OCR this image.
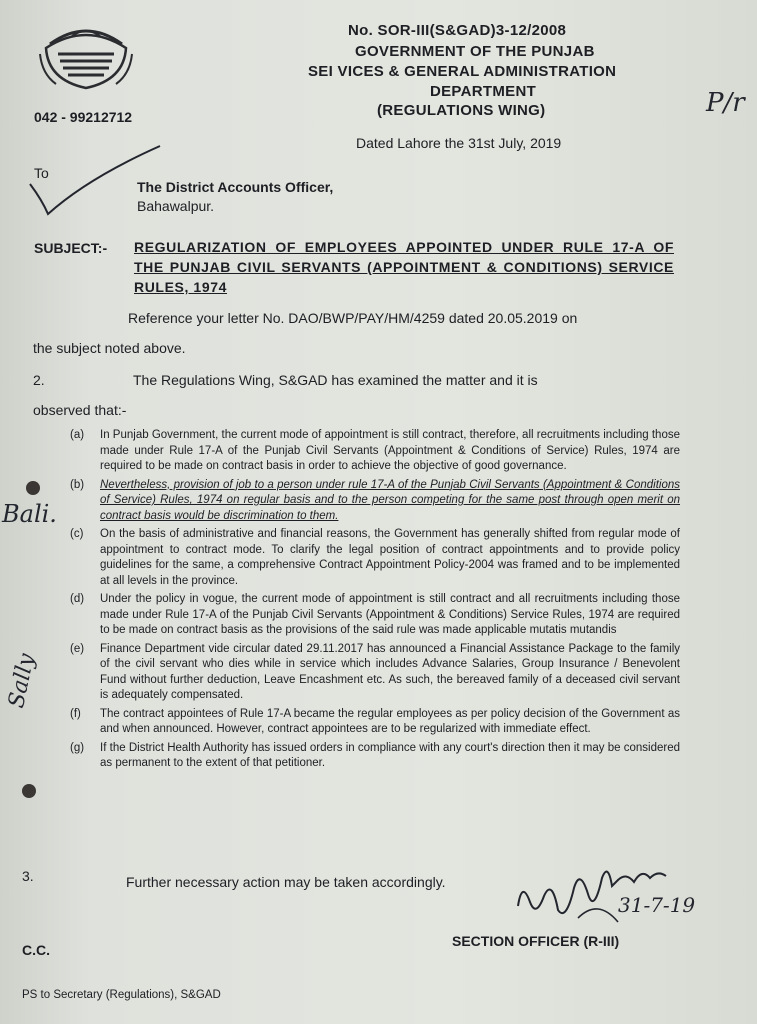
No. SOR-III(S&GAD)3-12/2008
GOVERNMENT OF THE PUNJAB
SEI VICES & GENERAL ADMINISTRATION
DEPARTMENT
(REGULATIONS WING)	P/r
042 - 99212712
Dated Lahore the 31st July, 2019
To
The District Accounts Officer,
Bahawalpur.
SUBJECT:- REGULARIZATION OF EMPLOYEES APPOINTED UNDER RULE 17-A OF THE PUNJAB CIVIL SERVANTS (APPOINTMENT & CONDITIONS) SERVICE RULES, 1974
Reference your letter No. DAO/BWP/PAY/HM/4259 dated 20.05.2019 on
the subject noted above.
2.	The Regulations Wing, S&GAD has examined the matter and it is
observed that:-
(a)	In Punjab Government, the current mode of appointment is still contract, therefore, all recruitments including those made under Rule 17-A of the Punjab Civil Servants (Appointment & Conditions of Service) Rules, 1974 are required to be made on contract basis in order to achieve the objective of good governance.
(b)	Nevertheless, provision of job to a person under rule 17-A of the Punjab Civil Servants (Appointment & Conditions of Service) Rules, 1974 on regular basis and to the person competing for the same post through open merit on contract basis would be discrimination to them.
(c)	On the basis of administrative and financial reasons, the Government has generally shifted from regular mode of appointment to contract mode. To clarify the legal position of contract appointments and to provide policy guidelines for the same, a comprehensive Contract Appointment Policy-2004 was framed and to be implemented at all levels in the province.
(d)	Under the policy in vogue, the current mode of appointment is still contract and all recruitments including those made under Rule 17-A of the Punjab Civil Servants (Appointment & Conditions) Service Rules, 1974 are required to be made on contract basis as the provisions of the said rule was made applicable mutatis mutandis
(e)	Finance Department vide circular dated 29.11.2017 has announced a Financial Assistance Package to the family of the civil servant who dies while in service which includes Advance Salaries, Group Insurance / Benevolent Fund without further deduction, Leave Encashment etc. As such, the bereaved family of a deceased civil servant is adequately compensated.
(f)	The contract appointees of Rule 17-A became the regular employees as per policy decision of the Government as and when announced. However, contract appointees are to be regularized with immediate effect.
(g)	If the District Health Authority has issued orders in compliance with any court's direction then it may be considered as permanent to the extent of that petitioner.
3.	Further necessary action may be taken accordingly.
31-7-19
SECTION OFFICER (R-III)
C.C.
PS to Secretary (Regulations), S&GAD
Bali.
Sally
